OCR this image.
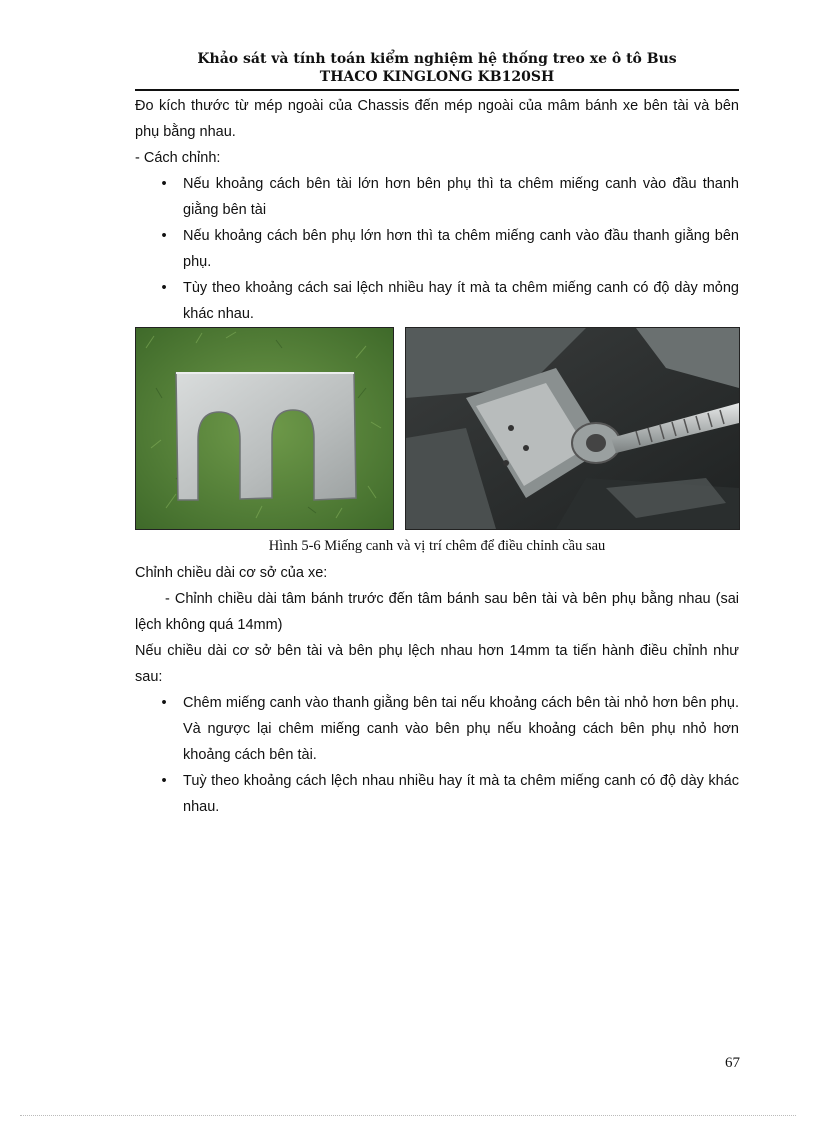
Khảo sát và tính toán kiểm nghiệm hệ thống treo xe ô tô Bus
THACO KINGLONG KB120SH

Đo kích thước từ mép ngoài của Chassis đến mép ngoài của mâm bánh xe bên tài và bên phụ bằng nhau.

- Cách chỉnh:

• Nếu khoảng cách bên tài lớn hơn bên phụ thì ta chêm miếng canh vào đầu thanh giằng bên tài
• Nếu khoảng cách bên phụ lớn hơn thì ta chêm miếng canh vào đầu thanh giằng bên phụ.
• Tùy theo khoảng cách sai lệch nhiều hay ít mà ta chêm miếng canh có độ dày mỏng khác nhau.
Hình 5-6 Miếng canh và vị trí chêm để điều chỉnh cầu sau

Chỉnh chiều dài cơ sở của xe:

- Chỉnh chiều dài tâm bánh trước đến tâm bánh sau bên tài và bên phụ bằng nhau (sai lệch không quá 14mm)

Nếu chiều dài cơ sở bên tài và bên phụ lệch nhau hơn 14mm ta tiến hành điều chỉnh như sau:

• Chêm miếng canh vào thanh giằng bên tai nếu khoảng cách bên tài nhỏ hơn bên phụ. Và ngược lại chêm miếng canh vào bên phụ nếu khoảng cách bên phụ nhỏ hơn khoảng cách bên tài.
• Tuỳ theo khoảng cách lệch nhau nhiều hay ít mà ta chêm miếng canh có độ dày khác nhau.
67
